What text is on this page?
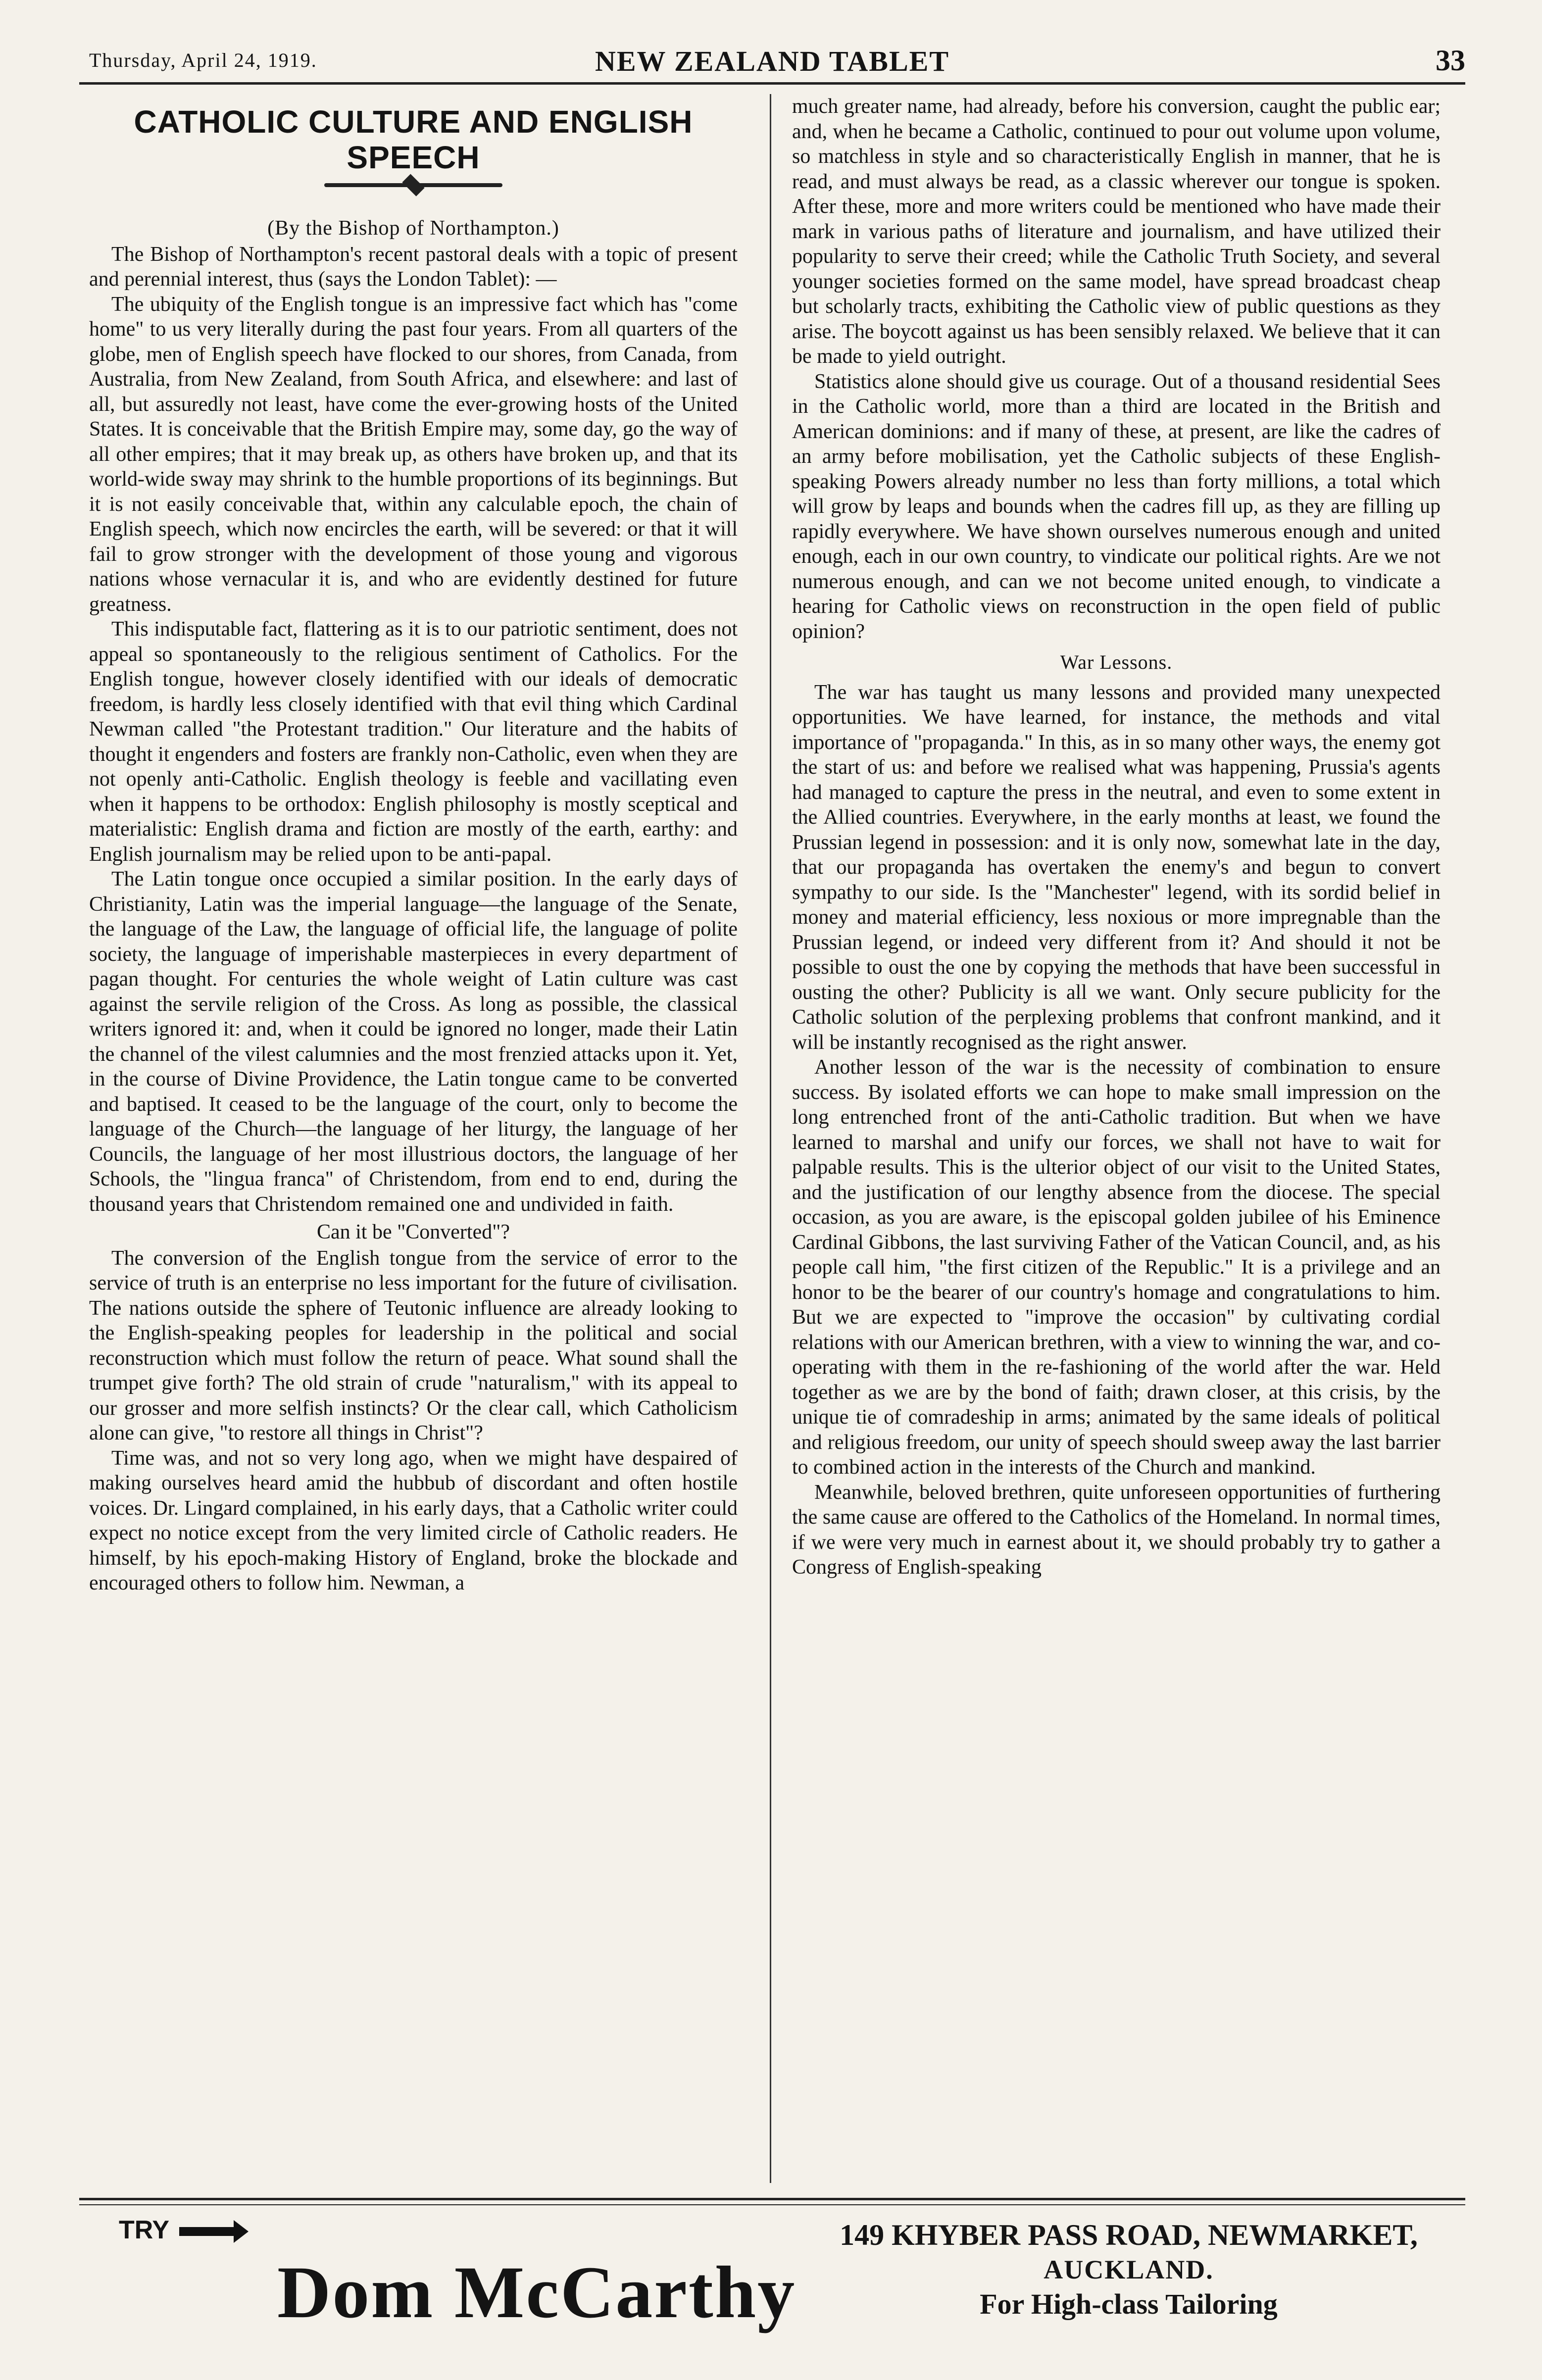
Thursday, April 24, 1919.	NEW ZEALAND TABLET	33
CATHOLIC CULTURE AND ENGLISH SPEECH
(By the Bishop of Northampton.)

The Bishop of Northampton's recent pastoral deals with a topic of present and perennial interest, thus (says the London Tablet): —

The ubiquity of the English tongue is an impressive fact which has "come home" to us very literally during the past four years. From all quarters of the globe, men of English speech have flocked to our shores, from Canada, from Australia, from New Zealand, from South Africa, and elsewhere: and last of all, but assuredly not least, have come the ever-growing hosts of the United States. It is conceivable that the British Empire may, some day, go the way of all other empires; that it may break up, as others have broken up, and that its world-wide sway may shrink to the humble proportions of its beginnings. But it is not easily conceivable that, within any calculable epoch, the chain of English speech, which now encircles the earth, will be severed: or that it will fail to grow stronger with the development of those young and vigorous nations whose vernacular it is, and who are evidently destined for future greatness.

This indisputable fact, flattering as it is to our patriotic sentiment, does not appeal so spontaneously to the religious sentiment of Catholics. For the English tongue, however closely identified with our ideals of democratic freedom, is hardly less closely identified with that evil thing which Cardinal Newman called "the Protestant tradition." Our literature and the habits of thought it engenders and fosters are frankly non-Catholic, even when they are not openly anti-Catholic. English theology is feeble and vacillating even when it happens to be orthodox: English philosophy is mostly sceptical and materialistic: English drama and fiction are mostly of the earth, earthy: and English journalism may be relied upon to be anti-papal.

The Latin tongue once occupied a similar position. In the early days of Christianity, Latin was the imperial language—the language of the Senate, the language of the Law, the language of official life, the language of polite society, the language of imperishable masterpieces in every department of pagan thought. For centuries the whole weight of Latin culture was cast against the servile religion of the Cross. As long as possible, the classical writers ignored it: and, when it could be ignored no longer, made their Latin the channel of the vilest calumnies and the most frenzied attacks upon it. Yet, in the course of Divine Providence, the Latin tongue came to be converted and baptised. It ceased to be the language of the court, only to become the language of the Church—the language of her liturgy, the language of her Councils, the language of her most illustrious doctors, the language of her Schools, the "lingua franca" of Christendom, from end to end, during the thousand years that Christendom remained one and undivided in faith.

Can it be "Converted"?

The conversion of the English tongue from the service of error to the service of truth is an enterprise no less important for the future of civilisation. The nations outside the sphere of Teutonic influence are already looking to the English-speaking peoples for leadership in the political and social reconstruction which must follow the return of peace. What sound shall the trumpet give forth? The old strain of crude "naturalism," with its appeal to our grosser and more selfish instincts? Or the clear call, which Catholicism alone can give, "to restore all things in Christ"?

Time was, and not so very long ago, when we might have despaired of making ourselves heard amid the hubbub of discordant and often hostile voices. Dr. Lingard complained, in his early days, that a Catholic writer could expect no notice except from the very limited circle of Catholic readers. He himself, by his epoch-making History of England, broke the blockade and encouraged others to follow him. Newman, a

much greater name, had already, before his conversion, caught the public ear; and, when he became a Catholic, continued to pour out volume upon volume, so matchless in style and so characteristically English in manner, that he is read, and must always be read, as a classic wherever our tongue is spoken. After these, more and more writers could be mentioned who have made their mark in various paths of literature and journalism, and have utilized their popularity to serve their creed; while the Catholic Truth Society, and several younger societies formed on the same model, have spread broadcast cheap but scholarly tracts, exhibiting the Catholic view of public questions as they arise. The boycott against us has been sensibly relaxed. We believe that it can be made to yield outright.

Statistics alone should give us courage. Out of a thousand residential Sees in the Catholic world, more than a third are located in the British and American dominions: and if many of these, at present, are like the cadres of an army before mobilisation, yet the Catholic subjects of these English-speaking Powers already number no less than forty millions, a total which will grow by leaps and bounds when the cadres fill up, as they are filling up rapidly everywhere. We have shown ourselves numerous enough and united enough, each in our own country, to vindicate our political rights. Are we not numerous enough, and can we not become united enough, to vindicate a hearing for Catholic views on reconstruction in the open field of public opinion?

War Lessons.

The war has taught us many lessons and provided many unexpected opportunities. We have learned, for instance, the methods and vital importance of "propaganda." In this, as in so many other ways, the enemy got the start of us: and before we realised what was happening, Prussia's agents had managed to capture the press in the neutral, and even to some extent in the Allied countries. Everywhere, in the early months at least, we found the Prussian legend in possession: and it is only now, somewhat late in the day, that our propaganda has overtaken the enemy's and begun to convert sympathy to our side. Is the "Manchester" legend, with its sordid belief in money and material efficiency, less noxious or more impregnable than the Prussian legend, or indeed very different from it? And should it not be possible to oust the one by copying the methods that have been successful in ousting the other? Publicity is all we want. Only secure publicity for the Catholic solution of the perplexing problems that confront mankind, and it will be instantly recognised as the right answer.

Another lesson of the war is the necessity of combination to ensure success. By isolated efforts we can hope to make small impression on the long entrenched front of the anti-Catholic tradition. But when we have learned to marshal and unify our forces, we shall not have to wait for palpable results. This is the ulterior object of our visit to the United States, and the justification of our lengthy absence from the diocese. The special occasion, as you are aware, is the episcopal golden jubilee of his Eminence Cardinal Gibbons, the last surviving Father of the Vatican Council, and, as his people call him, "the first citizen of the Republic." It is a privilege and an honor to be the bearer of our country's homage and congratulations to him. But we are expected to "improve the occasion" by cultivating cordial relations with our American brethren, with a view to winning the war, and co-operating with them in the re-fashioning of the world after the war. Held together as we are by the bond of faith; drawn closer, at this crisis, by the unique tie of comradeship in arms; animated by the same ideals of political and religious freedom, our unity of speech should sweep away the last barrier to combined action in the interests of the Church and mankind.

Meanwhile, beloved brethren, quite unforeseen opportunities of furthering the same cause are offered to the Catholics of the Homeland. In normal times, if we were very much in earnest about it, we should probably try to gather a Congress of English-speaking

TRY
Dom McCarthy
149 KHYBER PASS ROAD, NEWMARKET,
AUCKLAND.
For High-class Tailoring
